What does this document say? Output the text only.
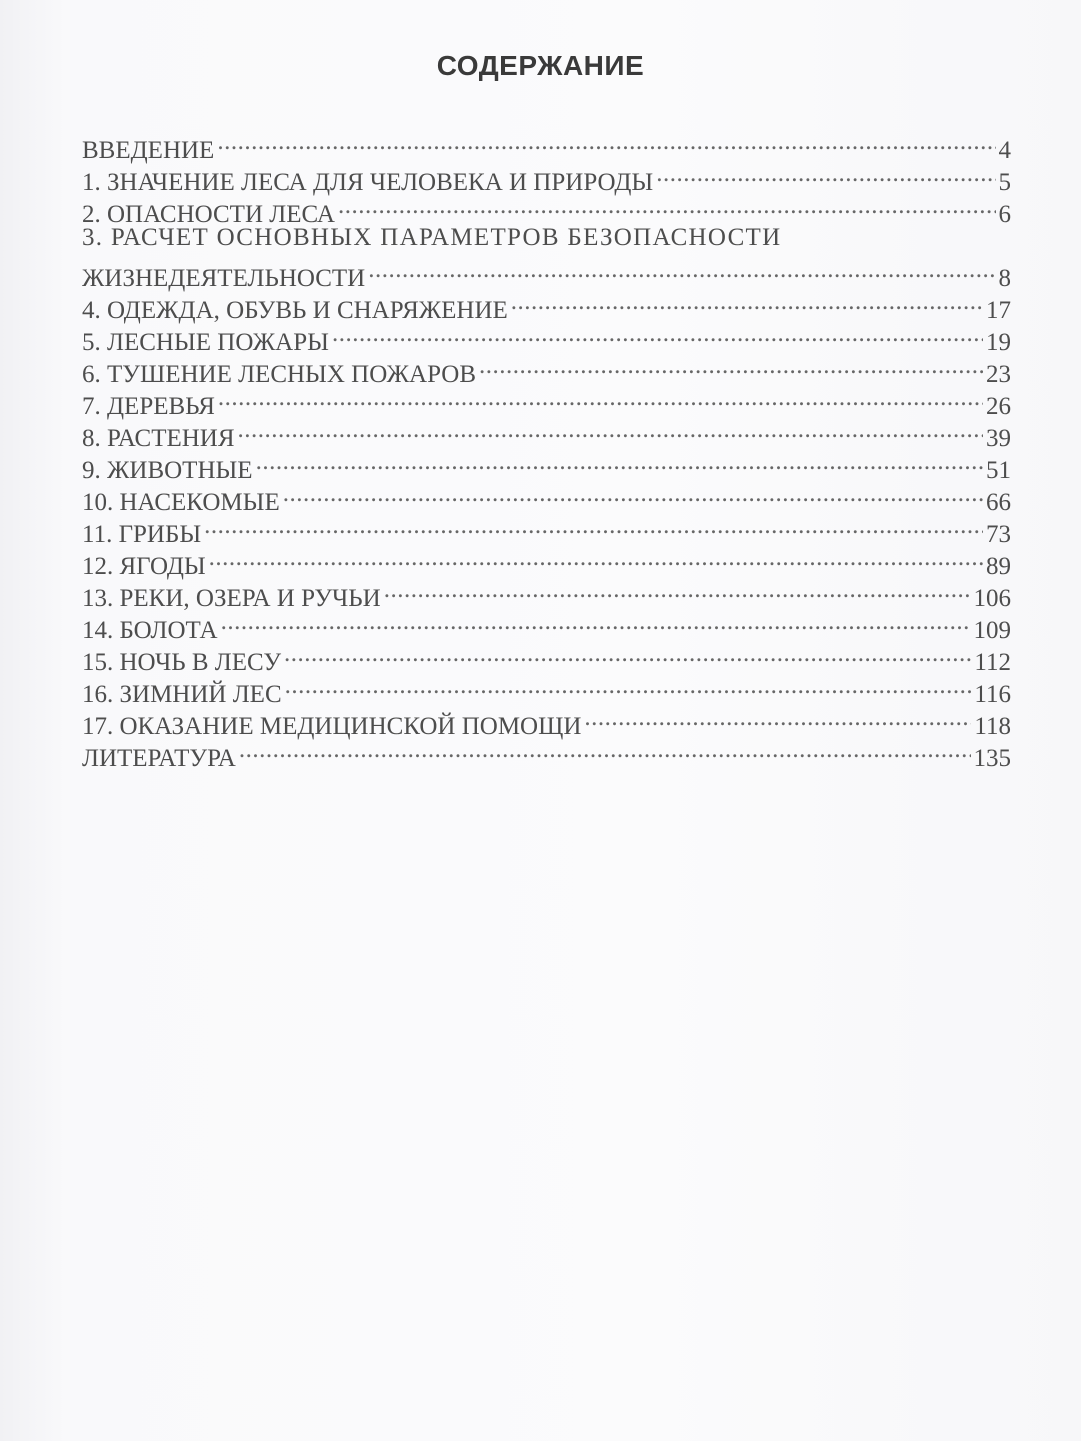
СОДЕРЖАНИЕ
ВВЕДЕНИЕ .....	4
1. ЗНАЧЕНИЕ ЛЕСА ДЛЯ ЧЕЛОВЕКА И ПРИРОДЫ .....	5
2. ОПАСНОСТИ ЛЕСА .....	6
3. РАСЧЕТ ОСНОВНЫХ ПАРАМЕТРОВ БЕЗОПАСНОСТИ
ЖИЗНЕДЕЯТЕЛЬНОСТИ .....	8
4. ОДЕЖДА, ОБУВЬ И СНАРЯЖЕНИЕ .....	17
5. ЛЕСНЫЕ ПОЖАРЫ .....	19
6. ТУШЕНИЕ ЛЕСНЫХ ПОЖАРОВ .....	23
7. ДЕРЕВЬЯ .....	26
8. РАСТЕНИЯ .....	39
9. ЖИВОТНЫЕ .....	51
10. НАСЕКОМЫЕ .....	66
11. ГРИБЫ .....	73
12. ЯГОДЫ .....	89
13. РЕКИ, ОЗЕРА И РУЧЬИ .....	106
14. БОЛОТА .....	109
15. НОЧЬ В ЛЕСУ .....	112
16. ЗИМНИЙ ЛЕС .....	116
17. ОКАЗАНИЕ МЕДИЦИНСКОЙ ПОМОЩИ .....	118
ЛИТЕРАТУРА .....	135
